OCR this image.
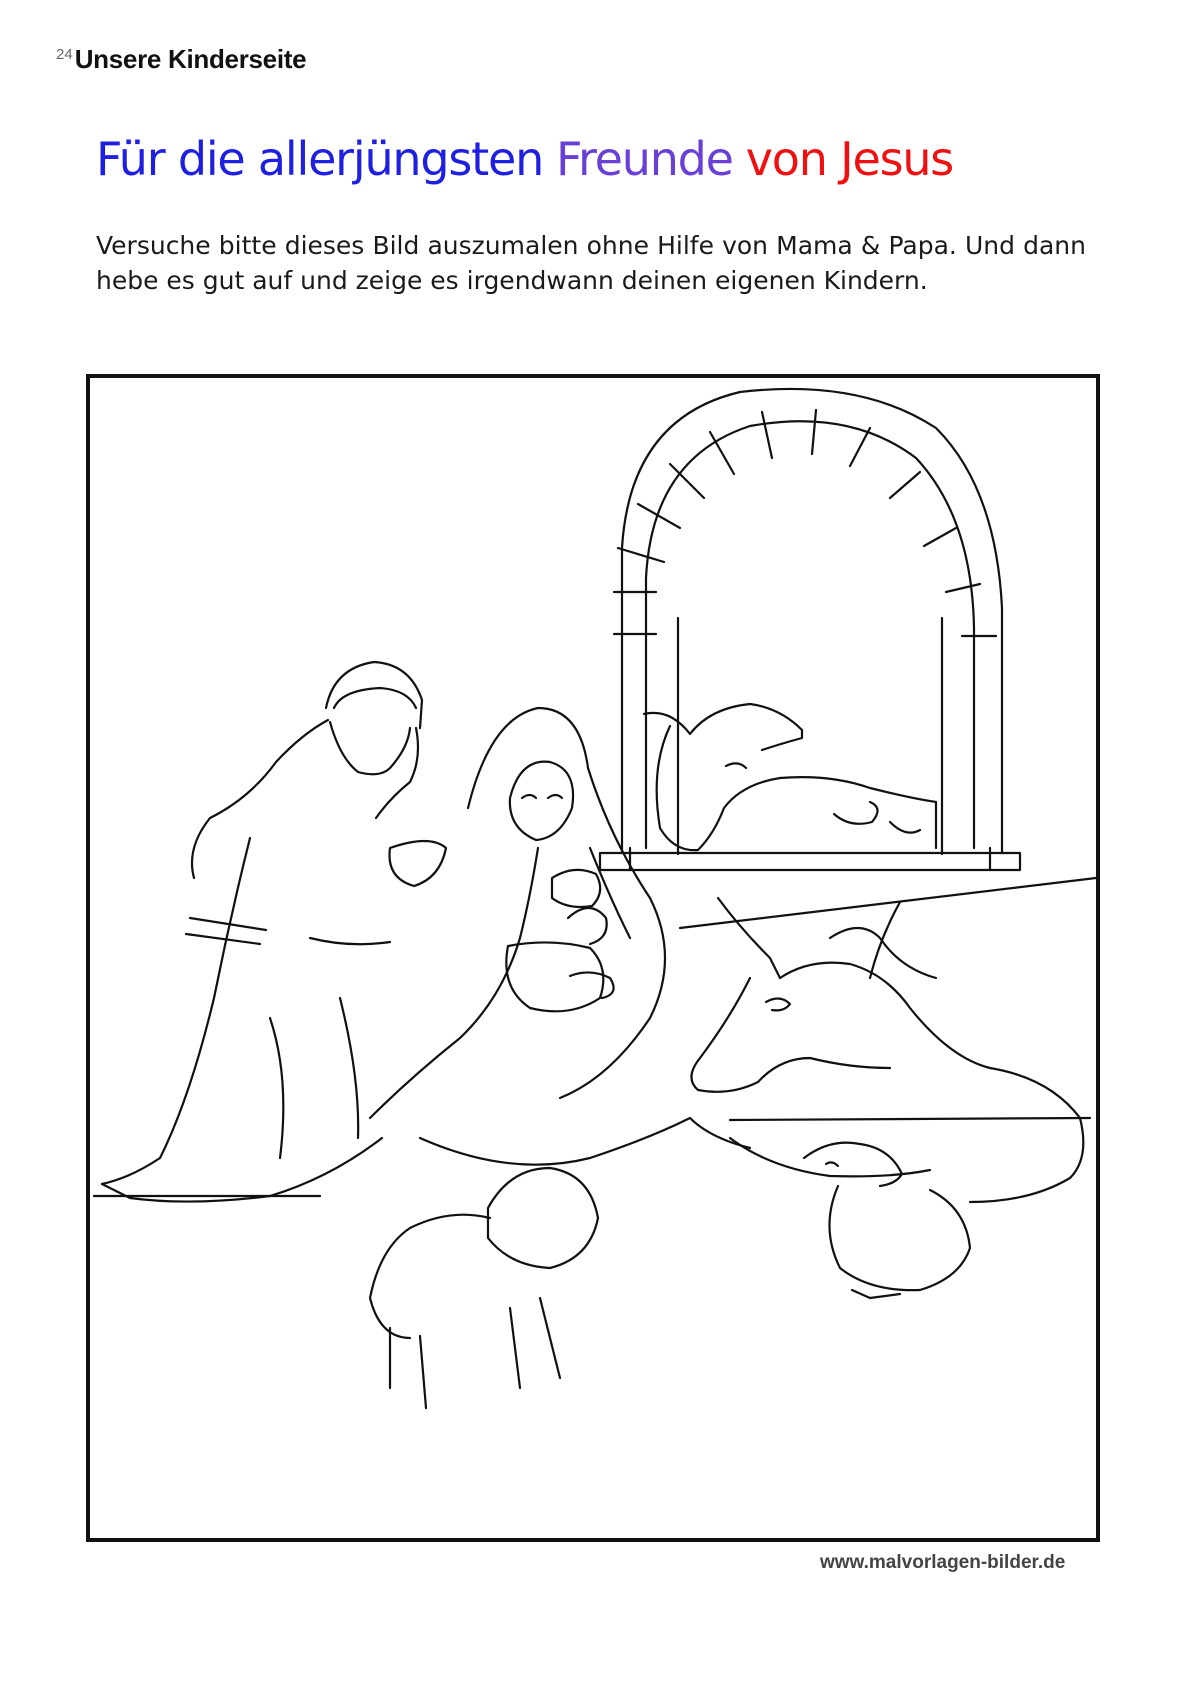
24 Unsere Kinderseite
Für die allerjüngsten Freunde von Jesus

Versuche bitte dieses Bild auszumalen ohne Hilfe von Mama & Papa. Und dann hebe es gut auf und zeige es irgendwann deinen eigenen Kindern.

www.malvorlagen-bilder.de
